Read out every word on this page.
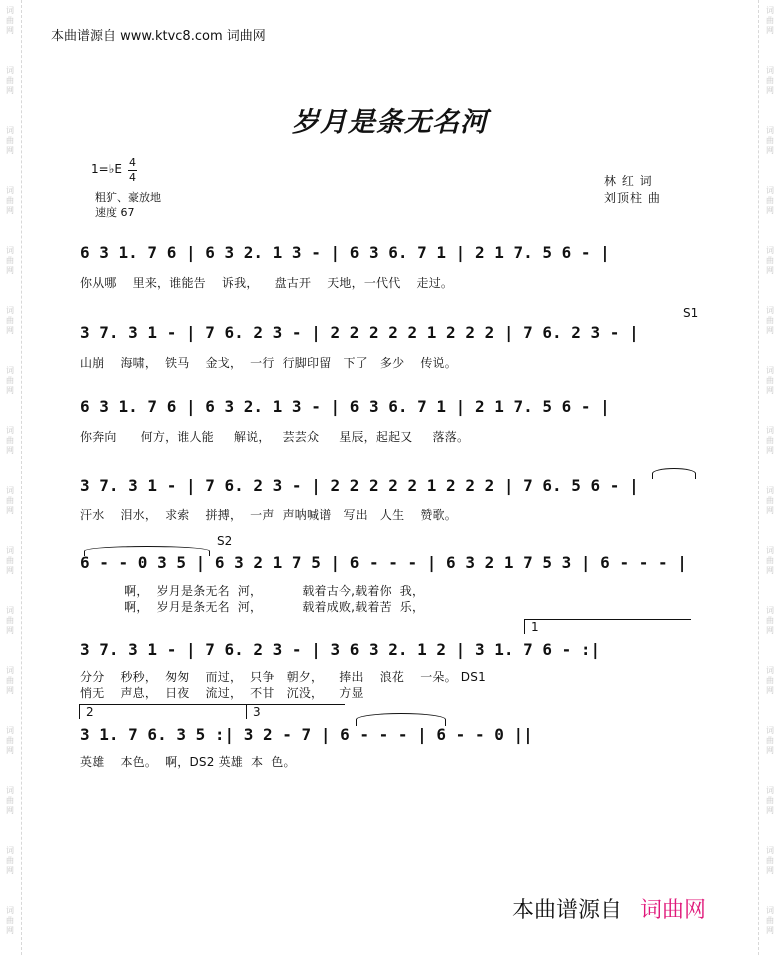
词
曲
网
词
曲
网
词
曲
网
词
曲
网
词
曲
网
词
曲
网
词
曲
网
词
曲
网
词
曲
网
词
曲
网
词
曲
网
词
曲
网
词
曲
网
词
曲
网
词
曲
网
词
曲
网
词
曲
网
词
曲
网
词
曲
网
词
曲
网
词
曲
网
词
曲
网
词
曲
网
词
曲
网
词
曲
网
词
曲
网
词
曲
网
词
曲
网
词
曲
网
词
曲
网
词
曲
网
词
曲
网
本曲谱源自 www.ktvc8.com 词曲网
岁月是条无名河
1=♭E 4
4
粗犷、豪放地
速度 67
林 红 词
刘顶柱 曲
S1
S2

6 3 1. 7 6 | 6 3 2. 1 3 - | 6 3 6. 7 1 | 2 1 7. 5 6 - |

你从哪    里来，谁能告    诉我，    盘古开    天地，一代代    走过。

3 7. 3 1 - | 7 6. 2 3 - | 2 2 2 2 2 1 2 2 2 | 7 6. 2 3 - |

山崩    海啸，  铁马    金戈，  一行  行脚印留   下了   多少    传说。

6 3 1. 7 6 | 6 3 2. 1 3 - | 6 3 6. 7 1 | 2 1 7. 5 6 - |

你奔向      何方，谁人能     解说，   芸芸众     星辰，起起又     落落。

3 7. 3 1 - | 7 6. 2 3 - | 2 2 2 2 2 1 2 2 2 | 7 6. 5 6 - |

汗水    泪水，  求索    拼搏，  一声  声呐喊谱   写出   人生    赞歌。

6 - - 0 3 5 | 6 3 2 1 7 5 | 6 - - - | 6 3 2 1 7 5 3 | 6 - - - |

啊，  岁月是条无名  河，          载着古今,载着你  我，
啊，  岁月是条无名  河，          载着成败,载着苦  乐，
1

3 7. 3 1 - | 7 6. 2 3 - | 3 6 3 2. 1 2 | 3 1. 7 6 - :|

分分    秒秒，  匆匆    而过，  只争   朝夕，    捧出    浪花    一朵。 DS1
悄无    声息，  日夜    流过，  不甘   沉没，    方显
2	3

3 1. 7 6. 3 5 :| 3 2 - 7 | 6 - - - | 6 - - 0 ||

英雄    本色。  啊，DS2 英雄  本  色。
本曲谱源自 词曲网
